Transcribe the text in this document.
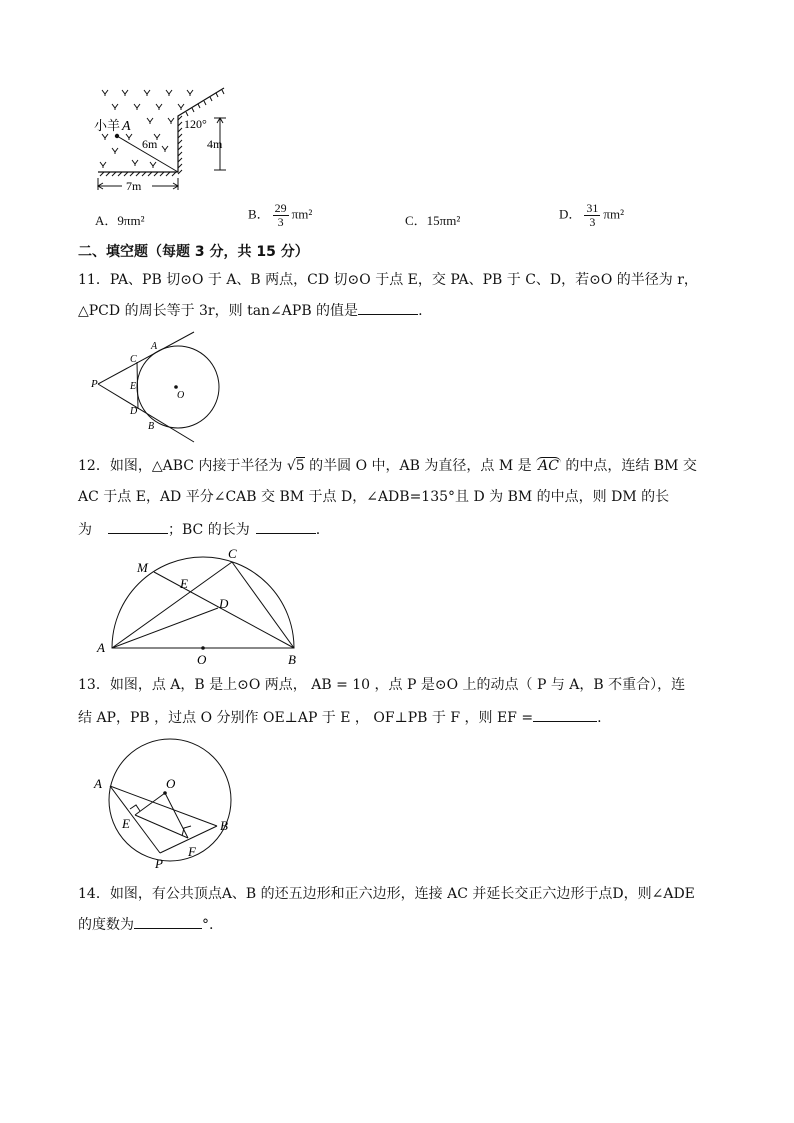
小羊 A
6m
120°
4m
7m
A．9πm²	B． $\frac{29}{3} \pi m^2$	C．15πm²	D． $\frac{31}{3} \pi m^2$
二、填空题（每题 3 分，共 15 分）
11．PA、PB 切⊙O 于 A、B 两点，CD 切⊙O 于点 E，交 PA、PB 于 C、D，若⊙O 的半径为 r，
△PCD 的周长等于 3r，则 tan∠APB 的值是	.
P
A
C
E
D
B
O
12．如图，△ABC 内接于半径为 √5 的半圆 O 中，AB 为直径，点 M 是 AC 的中点，连结 BM 交
AC 于点 E，AD 平分∠CAB 交 BM 于点 D，∠ADB=135°且 D 为 BM 的中点，则 DM 的长
为	；BC 的长为	.
M
C
E
D
A
O	B
13．如图，点 A，B 是上⊙O 两点， AB = 10 ，点 P 是⊙O 上的动点（ P 与 A，B 不重合），连
结 AP，PB ，过点 O 分别作 OE⊥AP 于 E ， OF⊥PB 于 F ，则 EF =	.
A	O
E	B
P
F
14．如图，有公共顶点A、B 的还五边形和正六边形，连接 AC 并延长交正六边形于点D，则∠ADE
的度数为	°.
